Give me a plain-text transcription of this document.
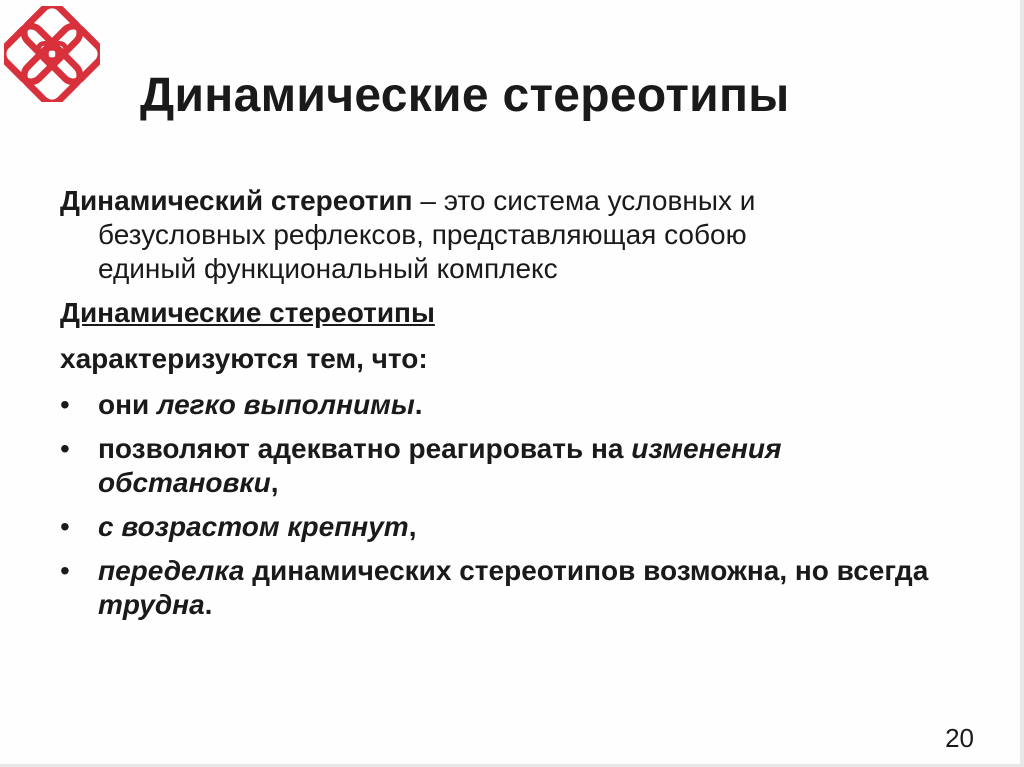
Динамические стереотипы
Динамический стереотип – это система условных и
безусловных рефлексов, представляющая собою
единый функциональный комплекс
Динамические стереотипы
характеризуются тем, что:
• они легко выполнимы.
• позволяют адекватно реагировать на изменения обстановки,
• с возрастом крепнут,
• переделка динамических стереотипов возможна, но всегда трудна.
20
